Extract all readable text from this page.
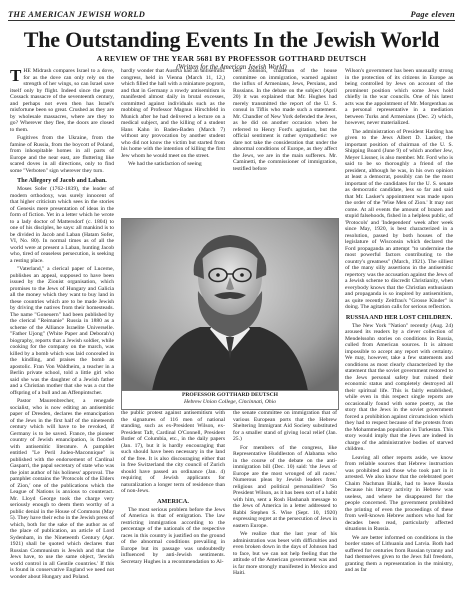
THE AMERICAN JEWISH WORLD	Page eleven
The Outstanding Events In the Jewish World
A REVIEW OF THE YEAR 5681 BY PROFESSOR GOTTHARD DEUTSCH
(Written for the American Jewish World)

THE Midrash compares Israel to a dove, for as the dove can only rely on the strength of her wings, so can Israel save itself only by flight. Indeed since the great Cossack massacre of the seventeenth century, and perhaps not even then has Israel's misfortune been so great. Crushed as they are by wholesale massacres, where are they to go? Wherever they flee, the doors are closed to them.

Fugitives from the Ukraine, from the famine of Russia, from the boycott of Poland, from inhospitable homes in all parts of Europe and the near east, are fluttering like scared doves in all directions, only to find some "Verboten" sign wherever they turn.

The Allegory of Jacob and Laban.

Moses Sofer (1762-1839), the leader of modern orthodoxy, was surely innocent of that higher criticism which sees in the stories of Genesis mere presentation of ideas in the form of fiction. Yet in a letter which he wrote to a lady doctor of Mattersdorf (c. 1804) to one of his disciples, he says: all mankind is to be divided in Jacob and Laban (Hatam Sofer, VI, No. 80). In normal times as of all the world were at present a Laban, hunting Jacob who, tired of ceaseless persecution, is seeking a resting place.

"Vaterland," a clerical paper of Lucerne, publishes an appeal, supposed to have been issued by the Zionist organisation, which promises to the Jews of Hungary and Galicia all the money which they want to buy land in these countries which are to be made Jewish by driving the natives from their homesteads. The name "Goneuern" had been published by the clerical "Reimanie" Russia in 1880 as a scheme of the Alliance Israelite Universelle. "Father Ujong" (White Paper and Deborah's) biography, reports that a Jewish soldier, while cooking for the company on the march, was killed by a bomb which was laid concealed in the kindling, and praises the bomb as apostolic. Fran Von Waldheim, a teacher in a Berlin private school, told a little girl who said she was the daughter of a Jewish father and a Christian mother that she was a cut the offspring of a bull and an Affenpintscher.

Pastor Maurenbrecher, a renegade socialist, who is now editing an antisemitic paper of Dresden, declares the emancipation of the Jews in the first half of the nineteenth century which will have to be revoked, if Germany is to be saved. France, the pioneer country of Jewish emancipation, is flooded with antisemitic literature. A pamphlet entitled "Le Peril Judeo-Maconnique" is published with the endorsement of Cardinal Gasparri, the papal secretary of state who was the joint author of his holiness' approval. The pamphlet contains the 'Protocols of the Elders of Zion,' one of the publications which the League of Nations is anxious to counteract. Mr. Lloyd George took the charge very seriously enough to deem them worthy of a public denial in the House of Commons (May 5). They have their echo in the Jewish press of which, both for the sake of the author as of the place of publication, an article of Lord Sydenham, in the Nineteenth Century (Apr. 1921) shall be quoted which declares that Russian Communism is Jewish and that the Jews have, to use the same object, 'Jewish world control in all Gentile countries.' If this is found in conservative England we need not wonder about Hungary and Poland.

hardly wonder that Austria had an antisemitic congress, held in Vienna (March 11, 12,) which filled the hall with a miniature pogrom, and that in Germany a rowdy antisemitism is manifested almost daily in brutal excesses, committed against individuals such as the mobbing of Professor Magnus Hirschfeld in Munich after he had delivered a lecture on a medical subject, and the killing of a student Hans Kahn in Baden-Baden (March 7) without any provocation by another student who did not know the victim but started from his home with the intention of killing the first Jew whom he would meet on the street.

We had the satisfaction of seeing

bert Johnson, chairman of the house committee on immigration, warned against the influx of Armenians, Jews, Persians, and Russians. In the debate on the subject (April 20) it was explained that Mr. Hughes had merely transmitted the report of the U. S. consul in Tiflis who made such a statement. Mr. Chandler of New York defended the Jews, as he did on another occasion when he referred to Henry Ford's agitation, but the official sentiment is rather sympathetic: we dare not take the consideration that under the abnormal conditions of Europe, as they affect the Jews, we are in the main sufferers. Mr. Caminetti, the commissioner of immigration, testified before

PROFESSOR GOTTHARD DEUTSCH
Hebrew Union College, Cincinnati, Ohio

the public protest against antisemitism with the signatures of 116 men of national standing, such as ex-President Wilson, ex-President Taft, Cardinal O'Connell, President Butler of Columbia, etc., in the daily papers (Jan. 17), but it is hardly encouraging that such should have been necessary in the land of the free. It is also discouraging either that in free Switzerland the city council of Zurich should have passed an ordinance (Jan. 4) requiring of Jewish applicants for naturalization a longer term of residence than of non-Jews.

AMERICA.

The most serious problem before the Jews of America is that of emigration. The law restricting immigration according to the percentage of the nationals of the respective races in this country is justified on the ground of the abnormal conditions prevailing in Europe but its passage was undoubtedly influenced by anti-Jewish sentiments. Secretary Hughes in a recommendation to Al-

the senate committee on immigration that of various European ports that the Hebrew Sheltering Immigrant Aid Society substituted for a smaller stand of giving local relief (Jan. 25.)

For members of the congress, like Representative Huddleston of Alabama who in the course of the debate on the anti-immigration bill (Dec. 10) said: 'the Jews of Europe are the most wronged of all races.' Numerous pleas by Jewish leaders from religious and political personalities? 'So President Wilson, as it has been sort of a habit with him, sent a Rosh Hashanah message to the Jews of America in a letter addressed to Rabbi Stephen S. Wise (Sept. 10, 1920) expressing regret at the persecution of Jews in eastern Europe.

We realize that the last year of his administration was beset with difficulties and even broken down in the days of Johnson had to face, but we can not help feeling that the attitude of the American government was and is far more strongly manifested in Mexico and Haiti.

Wilson's government has been unusually strong in the protection of its citizens in Europe as being controlled by Jews on account of the prominent position which some Jews hold chiefly in the war councils. One of his latest acts was the appointment of Mr. Morgenthau as a personal representative in a mediation between Turks and Armenians (Dec. 2) which, however, never materialized.

The administration of President Harding has given to the Jews Albert D. Lasker, the important position of chairman of the U. S. Shipping Board (June 9) of which another Jew, Meyer Lissner, is also member. Mr. Ford who is said to be so thoroughly a friend of the president, although he was, in his own opinion at least a democrat, possibly can be the most important of the candidates for the U. S. senate as democratic candidate, less so far and said that Mr. Lasker's appointment was made upon the order of the 'Wise Men of Zion.' It may not come. At all events the amount of brazen and stupid falsehoods, fished in a helpless public, of 'Protocols' and 'Independent' week after week since May, 1920, is best characterized in a resolution, passed by both houses of the legislature of Wisconsin which declared the Ford propaganda an attempt "to undermine the most powerful factors contributing to the country's greatness" (March, 1921). The silliest of the many silly assertions in the antisemitic repertory was the accusation against the Jews of a Jewish scheme to discredit Christianity, when everybody knows that the Christian enthusiasm and propaganda is so inspired by antisemitism, as quite recently Zeitfrau's "Grosse Kinder" is doing. The agitation calls for serious reflection.

RUSSIA AND HER LOST CHILDREN.

The New York "Nation" recently (Aug. 24) aroused its readers by a clever collection of Mendelssohn stories on conditions in Russia, culled from American sources. It is almost impossible to accept any report with certainty. We may, however, take a few statements and conditions as most clearly characterized by the statement that the soviet government restored to the Jews personal safety but ruined their economic status and completely destroyed all their spiritual life. This is fairly established, while even in this respect single reports are occasionally found with some poetry, as the story that the Jews in the soviet government forced a prohibition against circumcision which they had to respect because of the protests from the Mohammedan population in Turkestan. This story would imply that the Jews are indeed in charge of the administrative bodies of starved children.

Leaving all other reports aside, we know from reliable sources that Hebrew instruction was prohibited and those who took part in it arrested. We also know that the celebrated poet Chaim Nachman Bialik, had to leave Russia because his literary activity in Hebrew was useless, and where he disappeared for the people concerned. The government prohibited the printing of even the proceedings of these from well-known Hebrew authors who had for decades been read, particularly affected situations in Russia.

We are better informed on conditions in the border states of Lithuania and Latvia. Both had suffered for centuries from Russian tyranny and had themselves given to the Jews full freedom, granting them a representation in the ministry, and as far
